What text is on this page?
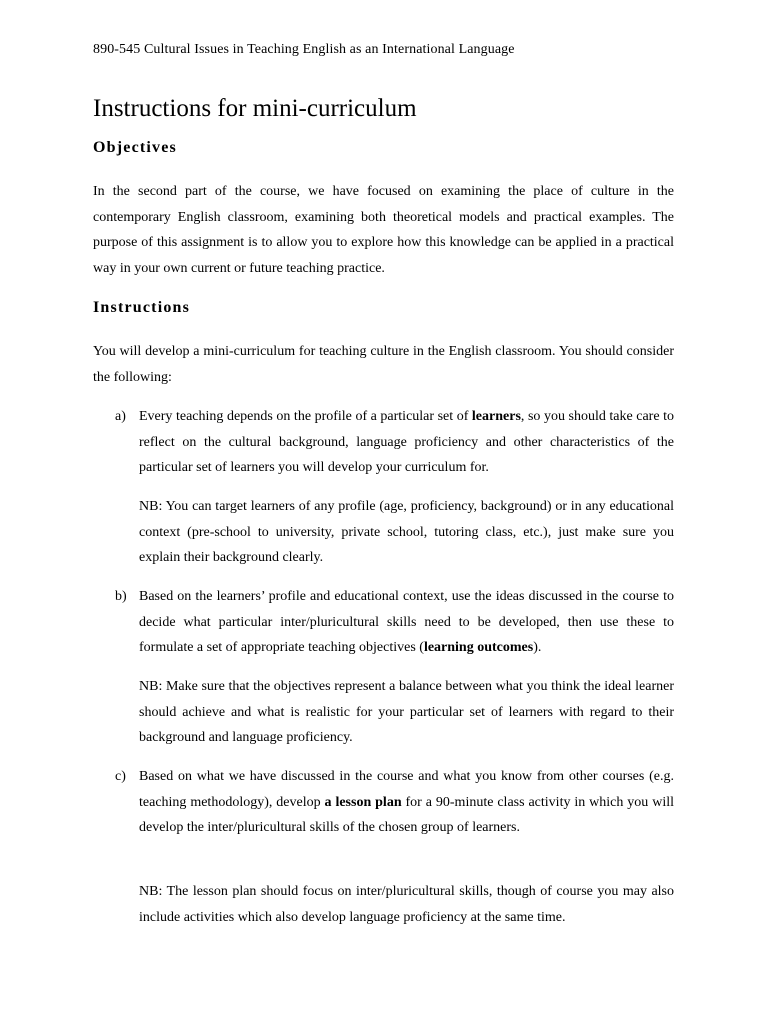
890-545 Cultural Issues in Teaching English as an International Language
Instructions for mini-curriculum
Objectives

In the second part of the course, we have focused on examining the place of culture in the contemporary English classroom, examining both theoretical models and practical examples. The purpose of this assignment is to allow you to explore how this knowledge can be applied in a practical way in your own current or future teaching practice.

Instructions

You will develop a mini-curriculum for teaching culture in the English classroom. You should consider the following:

a) Every teaching depends on the profile of a particular set of learners, so you should take care to reflect on the cultural background, language proficiency and other characteristics of the particular set of learners you will develop your curriculum for.

NB: You can target learners of any profile (age, proficiency, background) or in any educational context (pre-school to university, private school, tutoring class, etc.), just make sure you explain their background clearly.

b) Based on the learners’ profile and educational context, use the ideas discussed in the course to decide what particular inter/pluricultural skills need to be developed, then use these to formulate a set of appropriate teaching objectives (learning outcomes).

NB: Make sure that the objectives represent a balance between what you think the ideal learner should achieve and what is realistic for your particular set of learners with regard to their background and language proficiency.

c) Based on what we have discussed in the course and what you know from other courses (e.g. teaching methodology), develop a lesson plan for a 90-minute class activity in which you will develop the inter/pluricultural skills of the chosen group of learners.

NB: The lesson plan should focus on inter/pluricultural skills, though of course you may also include activities which also develop language proficiency at the same time.
